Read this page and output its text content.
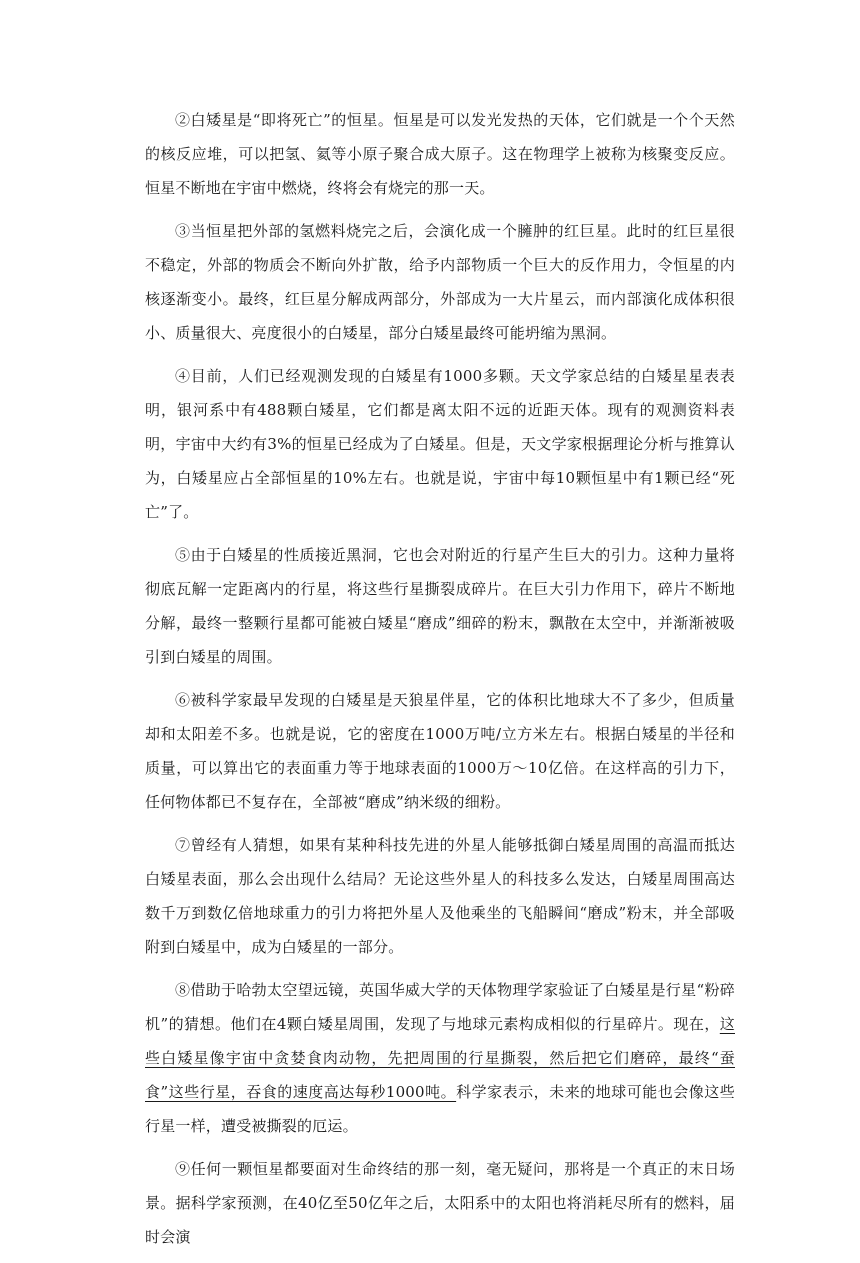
②白矮星是“即将死亡”的恒星。恒星是可以发光发热的天体，它们就是一个个天然的核反应堆，可以把氢、氦等小原子聚合成大原子。这在物理学上被称为核聚变反应。恒星不断地在宇宙中燃烧，终将会有烧完的那一天。

③当恒星把外部的氢燃料烧完之后，会演化成一个臃肿的红巨星。此时的红巨星很不稳定，外部的物质会不断向外扩散，给予内部物质一个巨大的反作用力，令恒星的内核逐渐变小。最终，红巨星分解成两部分，外部成为一大片星云，而内部演化成体积很小、质量很大、亮度很小的白矮星，部分白矮星最终可能坍缩为黑洞。

④目前，人们已经观测发现的白矮星有1000多颗。天文学家总结的白矮星星表表明，银河系中有488颗白矮星，它们都是离太阳不远的近距天体。现有的观测资料表明，宇宙中大约有3%的恒星已经成为了白矮星。但是，天文学家根据理论分析与推算认为，白矮星应占全部恒星的10%左右。也就是说，宇宙中每10颗恒星中有1颗已经“死亡”了。

⑤由于白矮星的性质接近黑洞，它也会对附近的行星产生巨大的引力。这种力量将彻底瓦解一定距离内的行星，将这些行星撕裂成碎片。在巨大引力作用下，碎片不断地分解，最终一整颗行星都可能被白矮星“磨成”细碎的粉末，飘散在太空中，并渐渐被吸引到白矮星的周围。

⑥被科学家最早发现的白矮星是天狼星伴星，它的体积比地球大不了多少，但质量却和太阳差不多。也就是说，它的密度在1000万吨/立方米左右。根据白矮星的半径和质量，可以算出它的表面重力等于地球表面的1000万～10亿倍。在这样高的引力下，任何物体都已不复存在，全部被“磨成”纳米级的细粉。

⑦曾经有人猜想，如果有某种科技先进的外星人能够抵御白矮星周围的高温而抵达白矮星表面，那么会出现什么结局？无论这些外星人的科技多么发达，白矮星周围高达数千万到数亿倍地球重力的引力将把外星人及他乘坐的飞船瞬间“磨成”粉末，并全部吸附到白矮星中，成为白矮星的一部分。

⑧借助于哈勃太空望远镜，英国华威大学的天体物理学家验证了白矮星是行星“粉碎机”的猜想。他们在4颗白矮星周围，发现了与地球元素构成相似的行星碎片。现在，这些白矮星像宇宙中贪婪食肉动物，先把周围的行星撕裂，然后把它们磨碎，最终“蚕食”这些行星，吞食的速度高达每秒1000吨。科学家表示，未来的地球可能也会像这些行星一样，遭受被撕裂的厄运。

⑨任何一颗恒星都要面对生命终结的那一刻，毫无疑问，那将是一个真正的末日场景。据科学家预测，在40亿至50亿年之后，太阳系中的太阳也将消耗尽所有的燃料，届时会演
